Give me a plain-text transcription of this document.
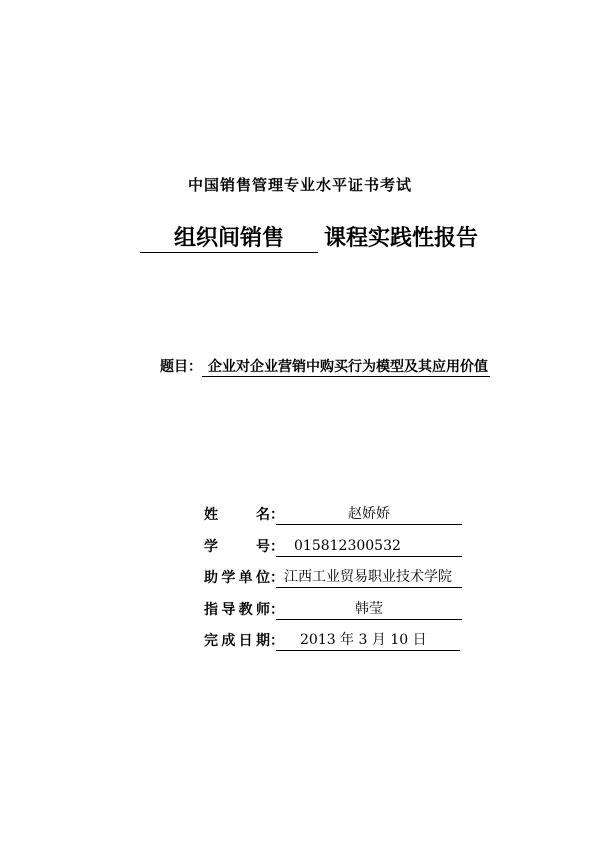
中国销售管理专业水平证书考试
组织间销售 课程实践性报告
题目： 企业对企业营销中购买行为模型及其应用价值
姓名 ：	赵娇娇
学号 ： 015812300532
助学单位 ： 江西工业贸易职业技术学院
指导教师 ：	韩莹
完成日期 ：	2013 年 3 月 10 日
